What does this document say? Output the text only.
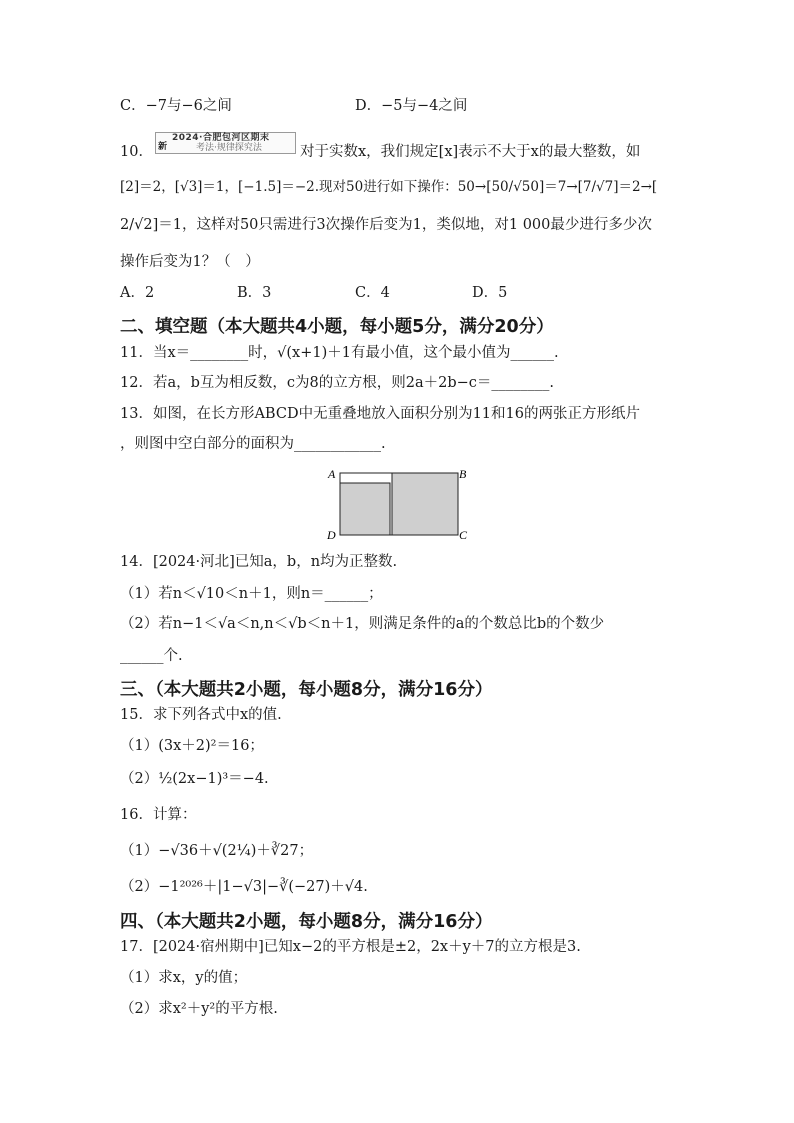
C．−7与−6之间	D．−5与−4之间
10．
2024·合肥包河区期末
新	考法·规律探究法	对于实数x，我们规定[x]表示不大于x的最大整数，如
[2]＝2，[√3]＝1，[−1.5]＝−2.现对50进行如下操作：50→[50/√50]＝7→[7/√7]＝2→[
2/√2]＝1，这样对50只需进行3次操作后变为1，类似地，对1 000最少进行多少次
操作后变为1？（　）
A．2	B．3	C．4	D．5
二、填空题（本大题共4小题，每小题5分，满分20分）
11．当x＝________时，√(x+1)＋1有最小值，这个最小值为______.
12．若a，b互为相反数，c为8的立方根，则2a＋2b−c＝________.
13．如图，在长方形ABCD中无重叠地放入面积分别为11和16的两张正方形纸片
，则图中空白部分的面积为____________.
A	B
C
D
14．[2024·河北]已知a，b，n均为正整数.
（1）若n＜√10＜n＋1，则n＝______；
（2）若n−1＜√a＜n,n＜√b＜n＋1，则满足条件的a的个数总比b的个数少
______个.
三、（本大题共2小题，每小题8分，满分16分）
15．求下列各式中x的值.
（1）(3x＋2)²＝16；
（2）½(2x−1)³＝−4.
16．计算：
（1）−√36＋√(2¼)＋∛27；
（2）−1²⁰²⁶＋|1−√3|−∛(−27)＋√4.
四、（本大题共2小题，每小题8分，满分16分）
17．[2024·宿州期中]已知x−2的平方根是±2，2x＋y＋7的立方根是3.
（1）求x，y的值；
（2）求x²＋y²的平方根.
